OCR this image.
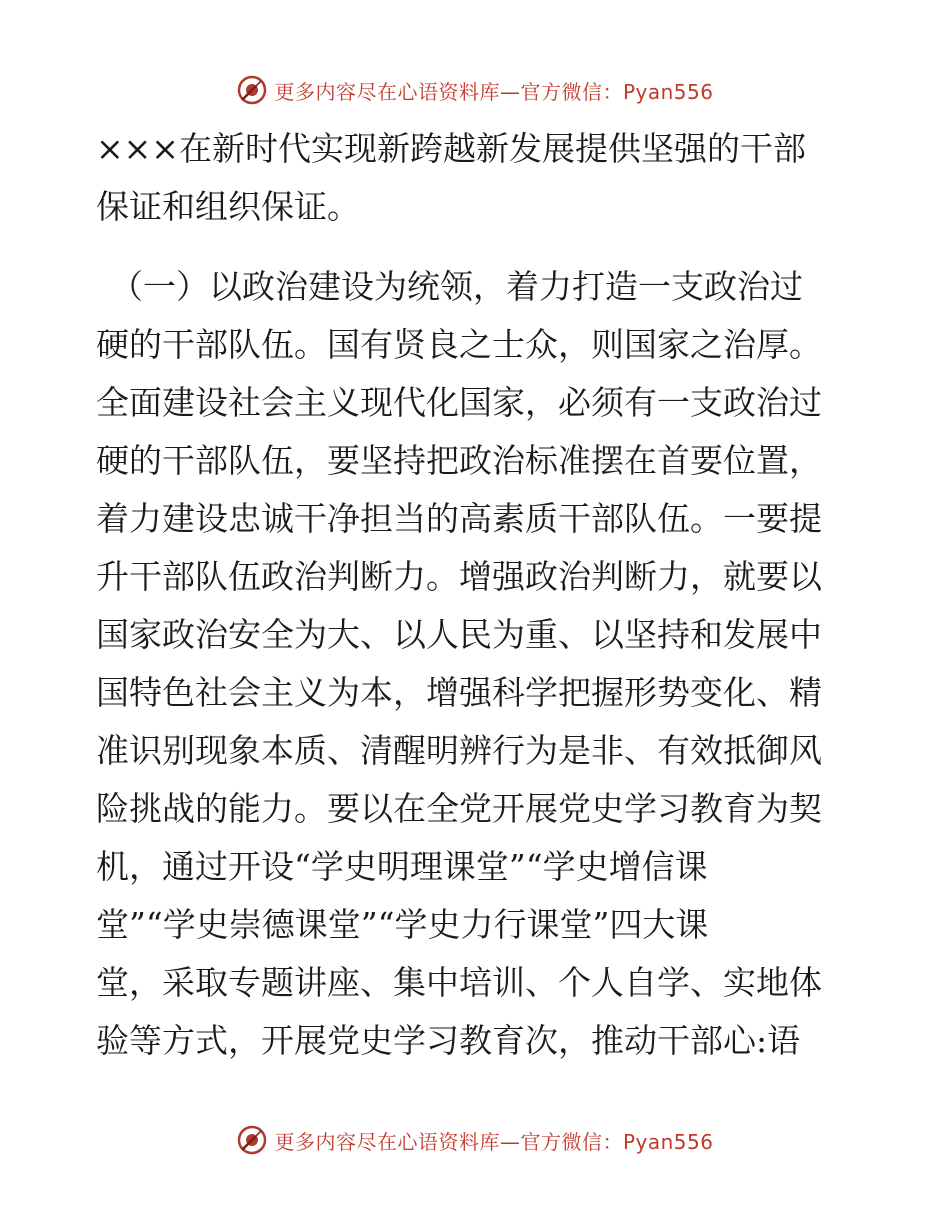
更多内容尽在心语资料库—官方微信：Pyan556
×××在新时代实现新跨越新发展提供坚强的干部
保证和组织保证。
（一）以政治建设为统领，着力打造一支政治过
硬的干部队伍。国有贤良之士众，则国家之治厚。
全面建设社会主义现代化国家，必须有一支政治过
硬的干部队伍，要坚持把政治标准摆在首要位置，
着力建设忠诚干净担当的高素质干部队伍。一要提
升干部队伍政治判断力。增强政治判断力，就要以
国家政治安全为大、以人民为重、以坚持和发展中
国特色社会主义为本，增强科学把握形势变化、精
准识别现象本质、清醒明辨行为是非、有效抵御风
险挑战的能力。要以在全党开展党史学习教育为契
机，通过开设“学史明理课堂”“学史增信课
堂”“学史崇德课堂”“学史力行课堂”四大课
堂，采取专题讲座、集中培训、个人自学、实地体
验等方式，开展党史学习教育次，推动干部心:语
更多内容尽在心语资料库—官方微信：Pyan556
